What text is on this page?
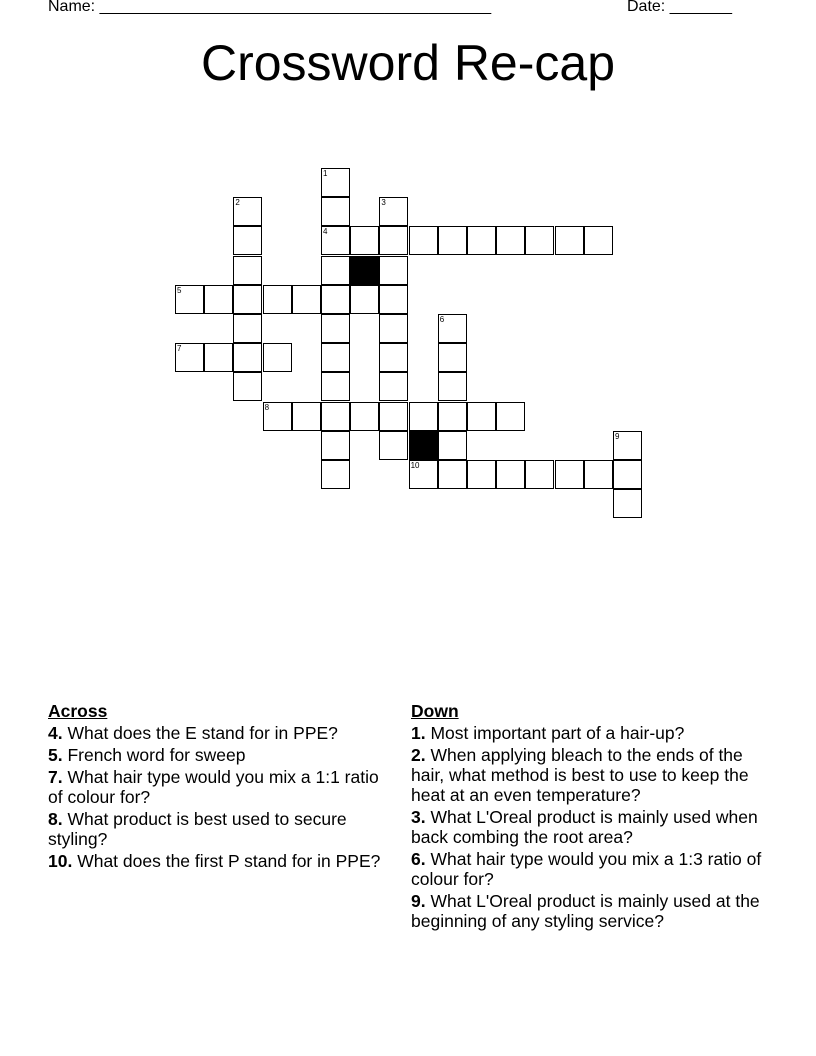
Name: ____________________________________________	Date: _______
Crossword Re-cap
1
2	3
4
5
6
7
8
9
10
Across
4. What does the E stand for in PPE?
5. French word for sweep
7. What hair type would you mix a 1:1 ratio of colour for?
8. What product is best used to secure styling?
10. What does the first P stand for in PPE?
Down
1. Most important part of a hair-up?
2. When applying bleach to the ends of the hair, what method is best to use to keep the heat at an even temperature?
3. What L'Oreal product is mainly used when back combing the root area?
6. What hair type would you mix a 1:3 ratio of colour for?
9. What L'Oreal product is mainly used at the beginning of any styling service?
